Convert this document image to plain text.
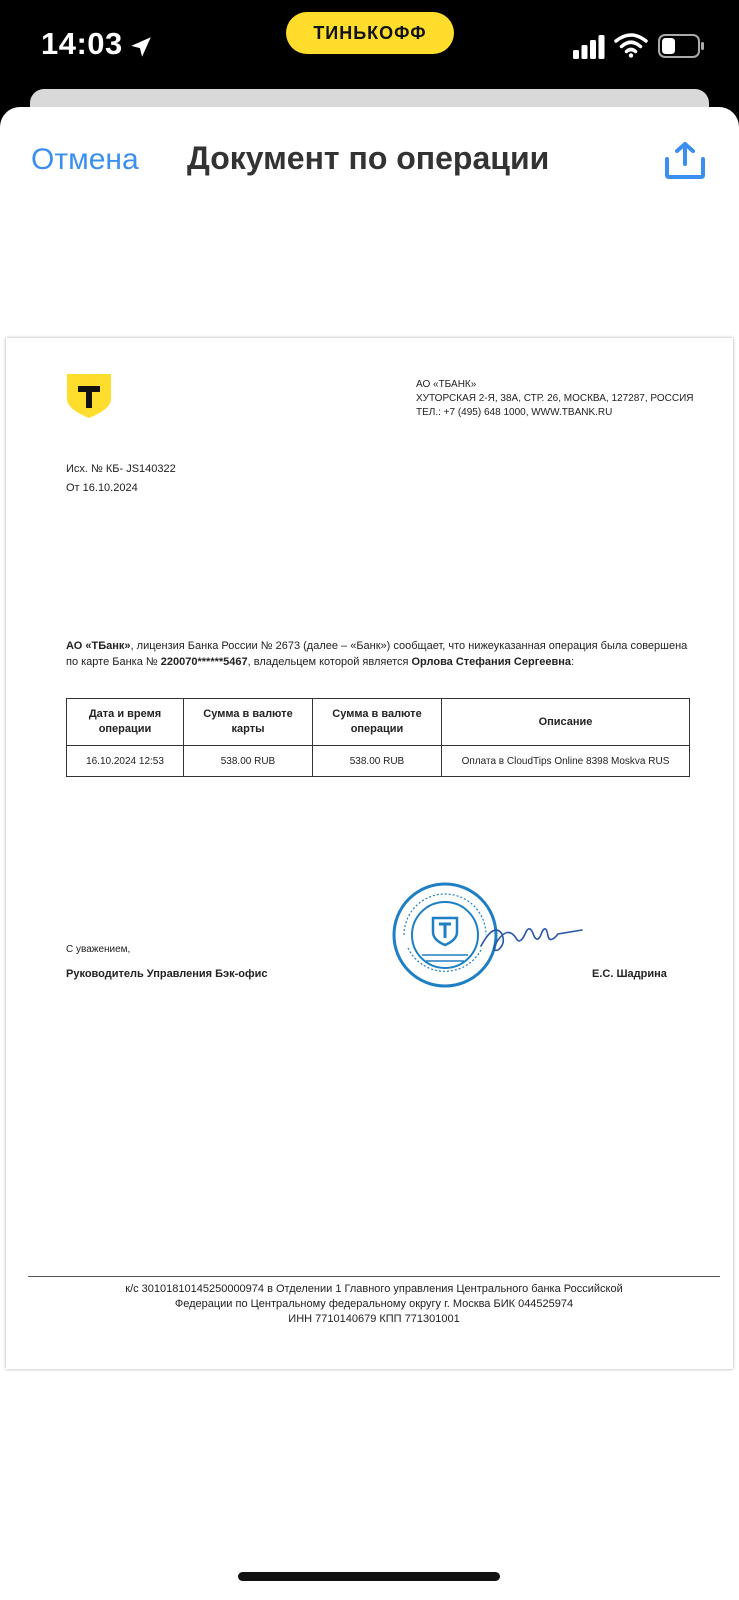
14:03	ТИНЬКОФФ
Отмена Документ по операции
АО «ТБАНК»
ХУТОРСКАЯ 2-Я, 38А, СТР. 26, МОСКВА, 127287, РОССИЯ
ТЕЛ.: +7 (495) 648 1000, WWW.TBANK.RU
Исх. № КБ- JS140322
От 16.10.2024
АО «ТБанк», лицензия Банка России № 2673 (далее – «Банк») сообщает, что нижеуказанная операция была совершена по карте Банка № 220070******5467, владельцем которой является Орлова Стефания Сергеевна:
Дата и время операции	Сумма в валюте карты	Сумма в валюте операции	Описание
16.10.2024 12:53	538.00 RUB	538.00 RUB	Оплата в CloudTips Online 8398 Moskva RUS
С уважением,
Руководитель Управления Бэк-офис	Е.С. Шадрина
к/с 30101810145250000974 в Отделении 1 Главного управления Центрального банка Российской
Федерации по Центральному федеральному округу г. Москва БИК 044525974
ИНН 7710140679 КПП 771301001
